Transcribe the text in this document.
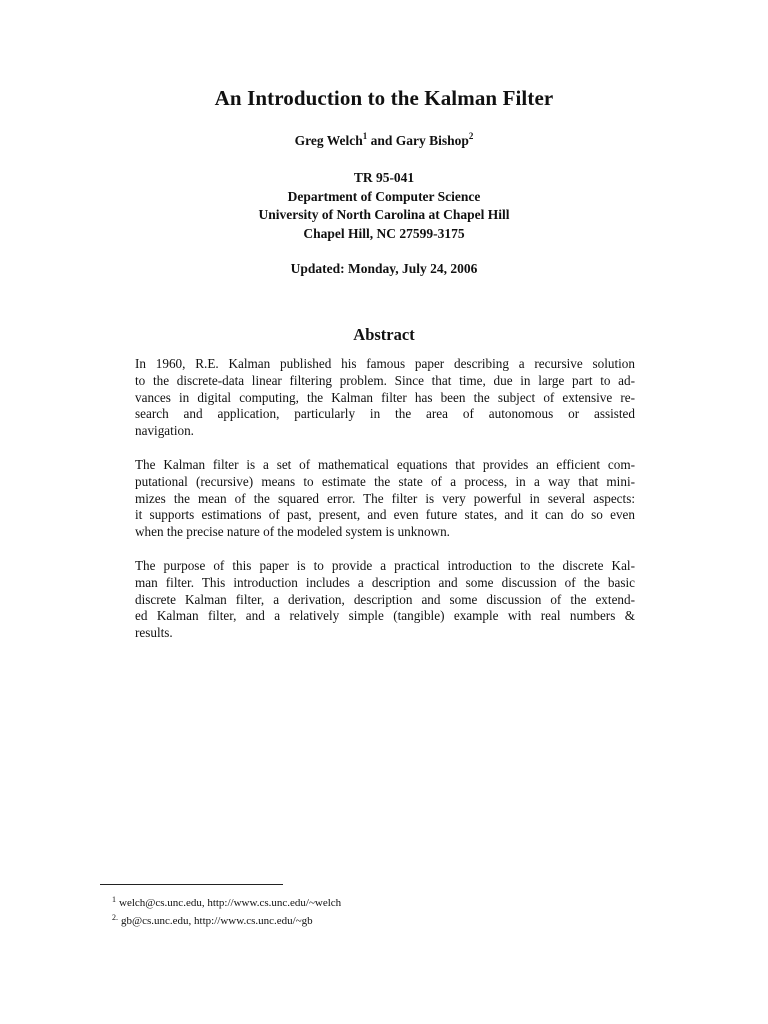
An Introduction to the Kalman Filter
Greg Welch$^1$ and Gary Bishop$^2$
TR 95-041
Department of Computer Science
University of North Carolina at Chapel Hill
Chapel Hill, NC 27599-3175
Updated: Monday, July 24, 2006
Abstract

In 1960, R.E. Kalman published his famous paper describing a recursive solution
to the discrete-data linear filtering problem. Since that time, due in large part to ad-
vances in digital computing, the Kalman filter has been the subject of extensive re-
search and application, particularly in the area of autonomous or assisted
navigation.

The Kalman filter is a set of mathematical equations that provides an efficient com-
putational (recursive) means to estimate the state of a process, in a way that mini-
mizes the mean of the squared error. The filter is very powerful in several aspects:
it supports estimations of past, present, and even future states, and it can do so even
when the precise nature of the modeled system is unknown.

The purpose of this paper is to provide a practical introduction to the discrete Kal-
man filter. This introduction includes a description and some discussion of the basic
discrete Kalman filter, a derivation, description and some discussion of the extend-
ed Kalman filter, and a relatively simple (tangible) example with real numbers &
results.

$^1$ welch@cs.unc.edu, http://www.cs.unc.edu/~welch
$^{2.}$ gb@cs.unc.edu, http://www.cs.unc.edu/~gb
